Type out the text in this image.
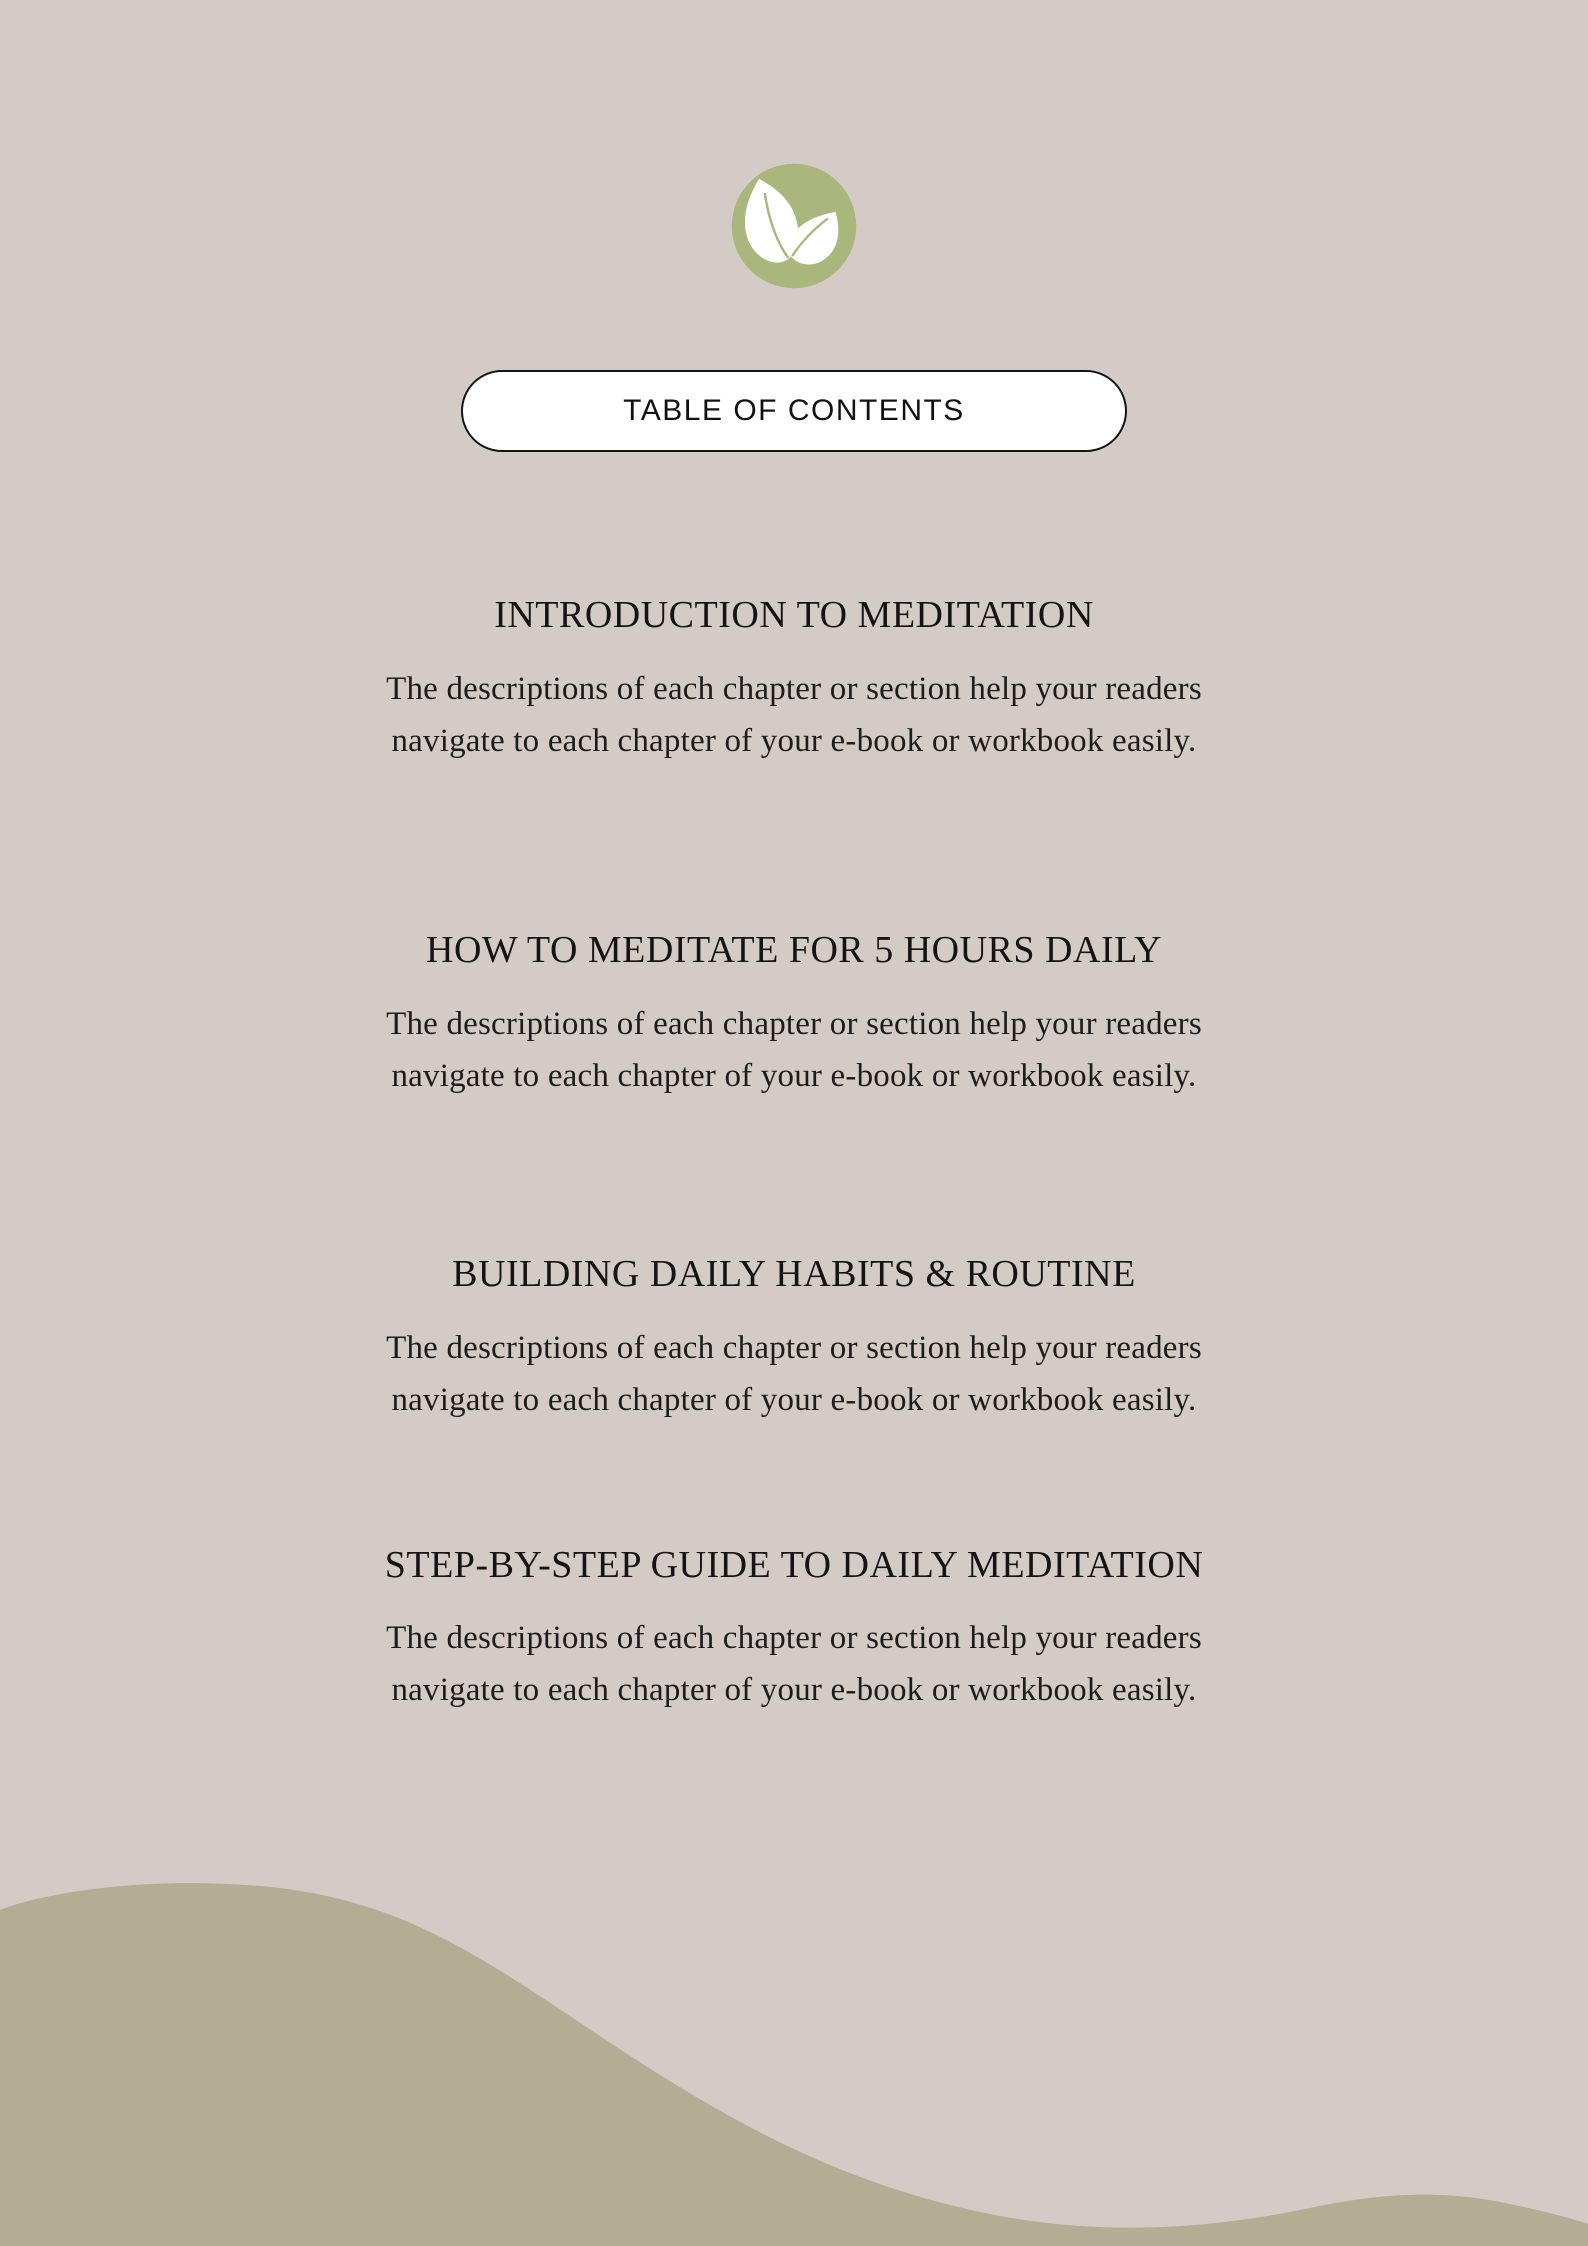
TABLE OF CONTENTS
INTRODUCTION TO MEDITATION

The descriptions of each chapter or section help your readers navigate to each chapter of your e-book or workbook easily.

HOW TO MEDITATE FOR 5 HOURS DAILY

The descriptions of each chapter or section help your readers navigate to each chapter of your e-book or workbook easily.

BUILDING DAILY HABITS & ROUTINE

The descriptions of each chapter or section help your readers navigate to each chapter of your e-book or workbook easily.

STEP-BY-STEP GUIDE TO DAILY MEDITATION

The descriptions of each chapter or section help your readers navigate to each chapter of your e-book or workbook easily.
